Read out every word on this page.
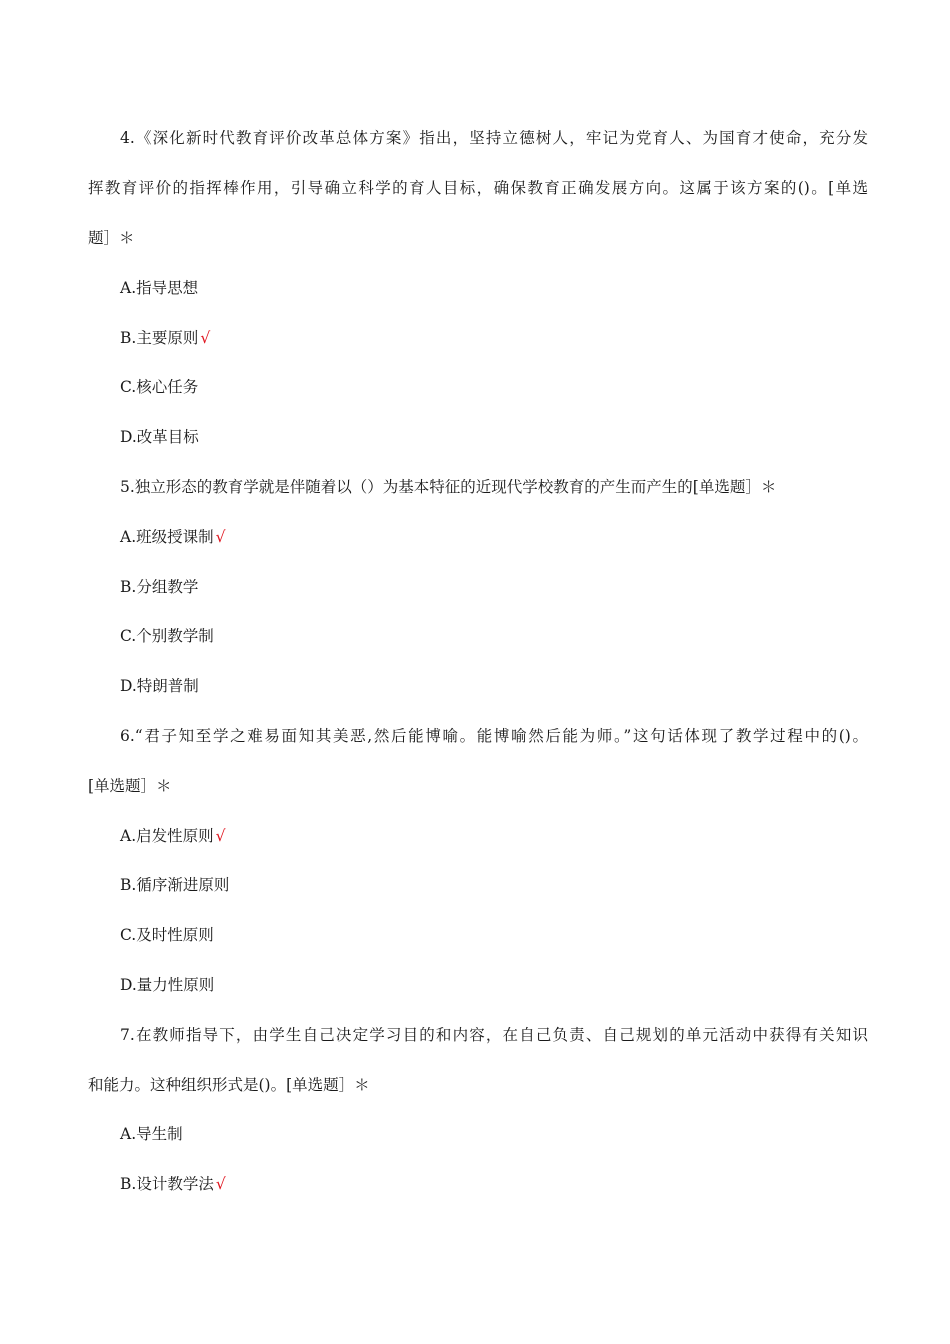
4.《深化新时代教育评价改革总体方案》指出，坚持立德树人，牢记为党育人、为国育才使命，充分发
挥教育评价的指挥棒作用，引导确立科学的育人目标，确保教育正确发展方向。这属于该方案的()。[单选
题］＊
A.指导思想
B.主要原则 √
C.核心任务
D.改革目标
5.独立形态的教育学就是伴随着以（）为基本特征的近现代学校教育的产生而产生的[单选题］＊
A.班级授课制 √
B.分组教学
C.个别教学制
D.特朗普制
6.“君子知至学之难易面知其美恶,然后能博喻。能博喻然后能为师。”这句话体现了教学过程中的()。
[单选题］＊
A.启发性原则 √
B.循序渐进原则
C.及时性原则
D.量力性原则
7.在教师指导下，由学生自己决定学习目的和内容，在自己负责、自己规划的单元活动中获得有关知识
和能力。这种组织形式是()。[单选题］＊
A.导生制
B.设计教学法 √
